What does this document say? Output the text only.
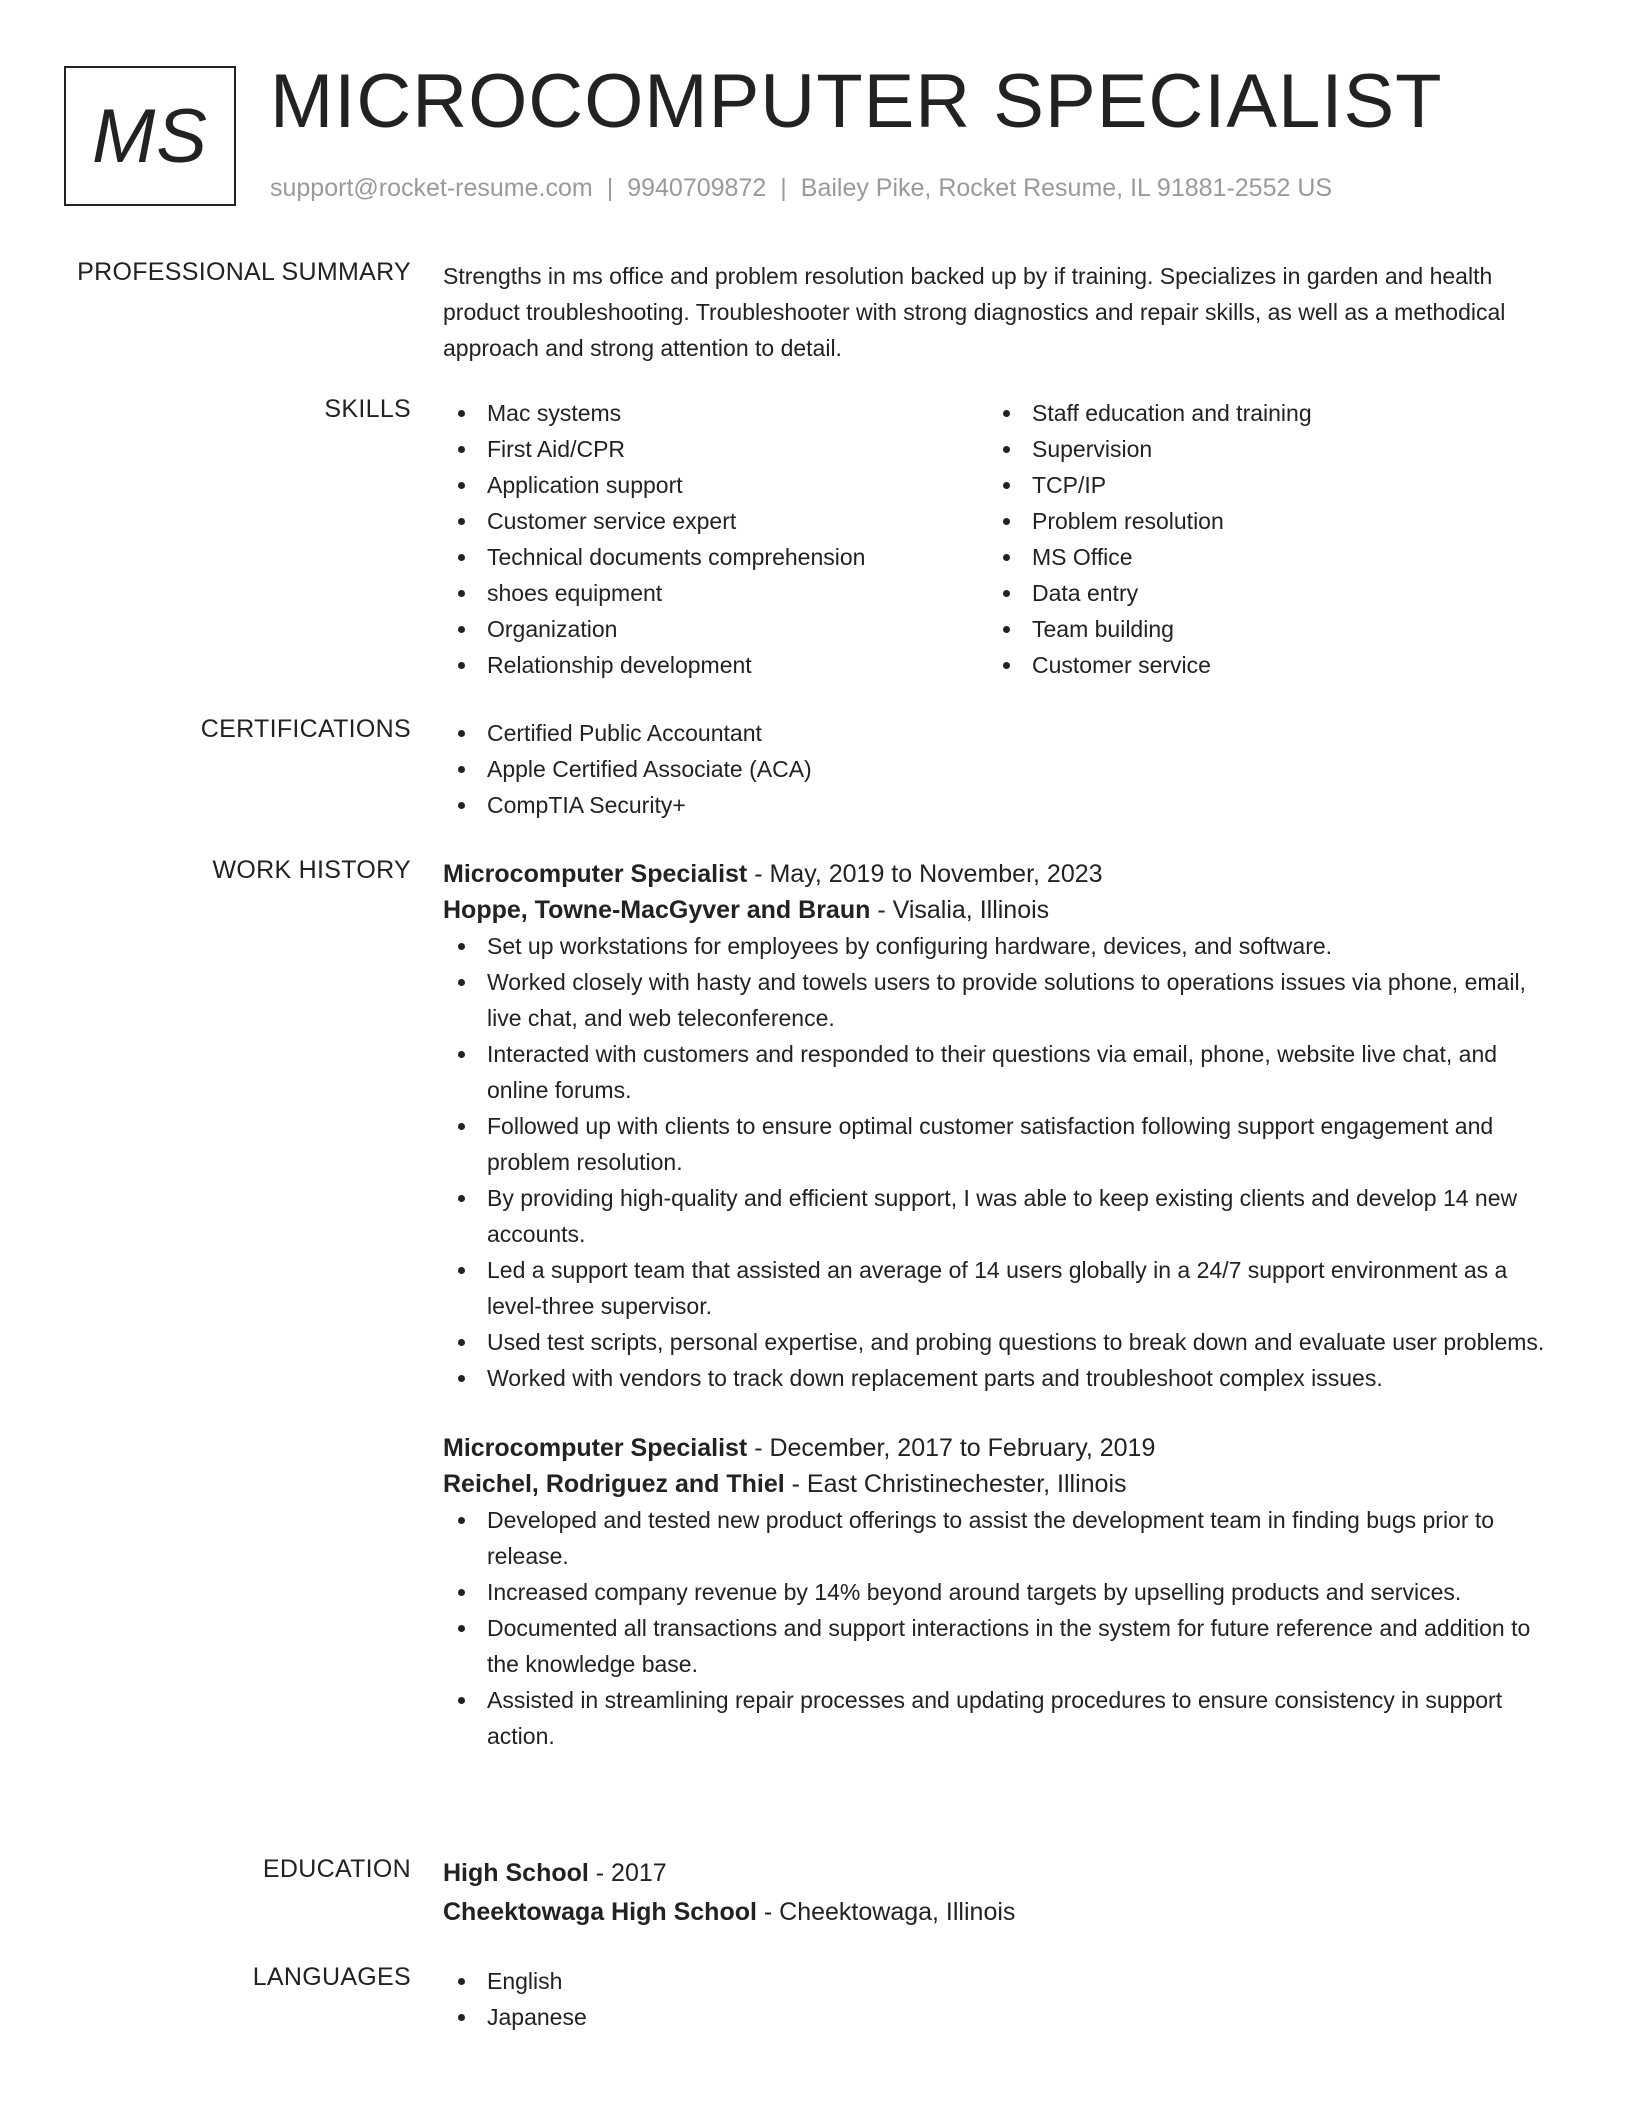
MS MICROCOMPUTER SPECIALIST
support@rocket-resume.com | 9940709872 | Bailey Pike, Rocket Resume, IL 91881-2552 US
PROFESSIONAL SUMMARY Strengths in ms office and problem resolution backed up by if training. Specializes in garden and health product troubleshooting. Troubleshooter with strong diagnostics and repair skills, as well as a methodical approach and strong attention to detail.

SKILLS	Mac systems
First Aid/CPR
Application support
Customer service expert
Technical documents comprehension
shoes equipment
Organization
Relationship development
Staff education and training
Supervision
TCP/IP
Problem resolution
MS Office
Data entry
Team building
Customer service
CERTIFICATIONS	Certified Public Accountant
Apple Certified Associate (ACA)
CompTIA Security+
WORK HISTORY Microcomputer Specialist - May, 2019 to November, 2023

Hoppe, Towne-MacGyver and Braun - Visalia, Illinois

Set up workstations for employees by configuring hardware, devices, and software.
Worked closely with hasty and towels users to provide solutions to operations issues via phone, email, live chat, and web teleconference.
Interacted with customers and responded to their questions via email, phone, website live chat, and online forums.
Followed up with clients to ensure optimal customer satisfaction following support engagement and problem resolution.
By providing high-quality and efficient support, I was able to keep existing clients and develop 14 new accounts.
Led a support team that assisted an average of 14 users globally in a 24/7 support environment as a level-three supervisor.
Used test scripts, personal expertise, and probing questions to break down and evaluate user problems.
Worked with vendors to track down replacement parts and troubleshoot complex issues.

Microcomputer Specialist - December, 2017 to February, 2019

Reichel, Rodriguez and Thiel - East Christinechester, Illinois

Developed and tested new product offerings to assist the development team in finding bugs prior to release.
Increased company revenue by 14% beyond around targets by upselling products and services.
Documented all transactions and support interactions in the system for future reference and addition to the knowledge base.
Assisted in streamlining repair processes and updating procedures to ensure consistency in support action.
EDUCATION High School - 2017

Cheektowaga High School - Cheektowaga, Illinois

LANGUAGES	English
Japanese
